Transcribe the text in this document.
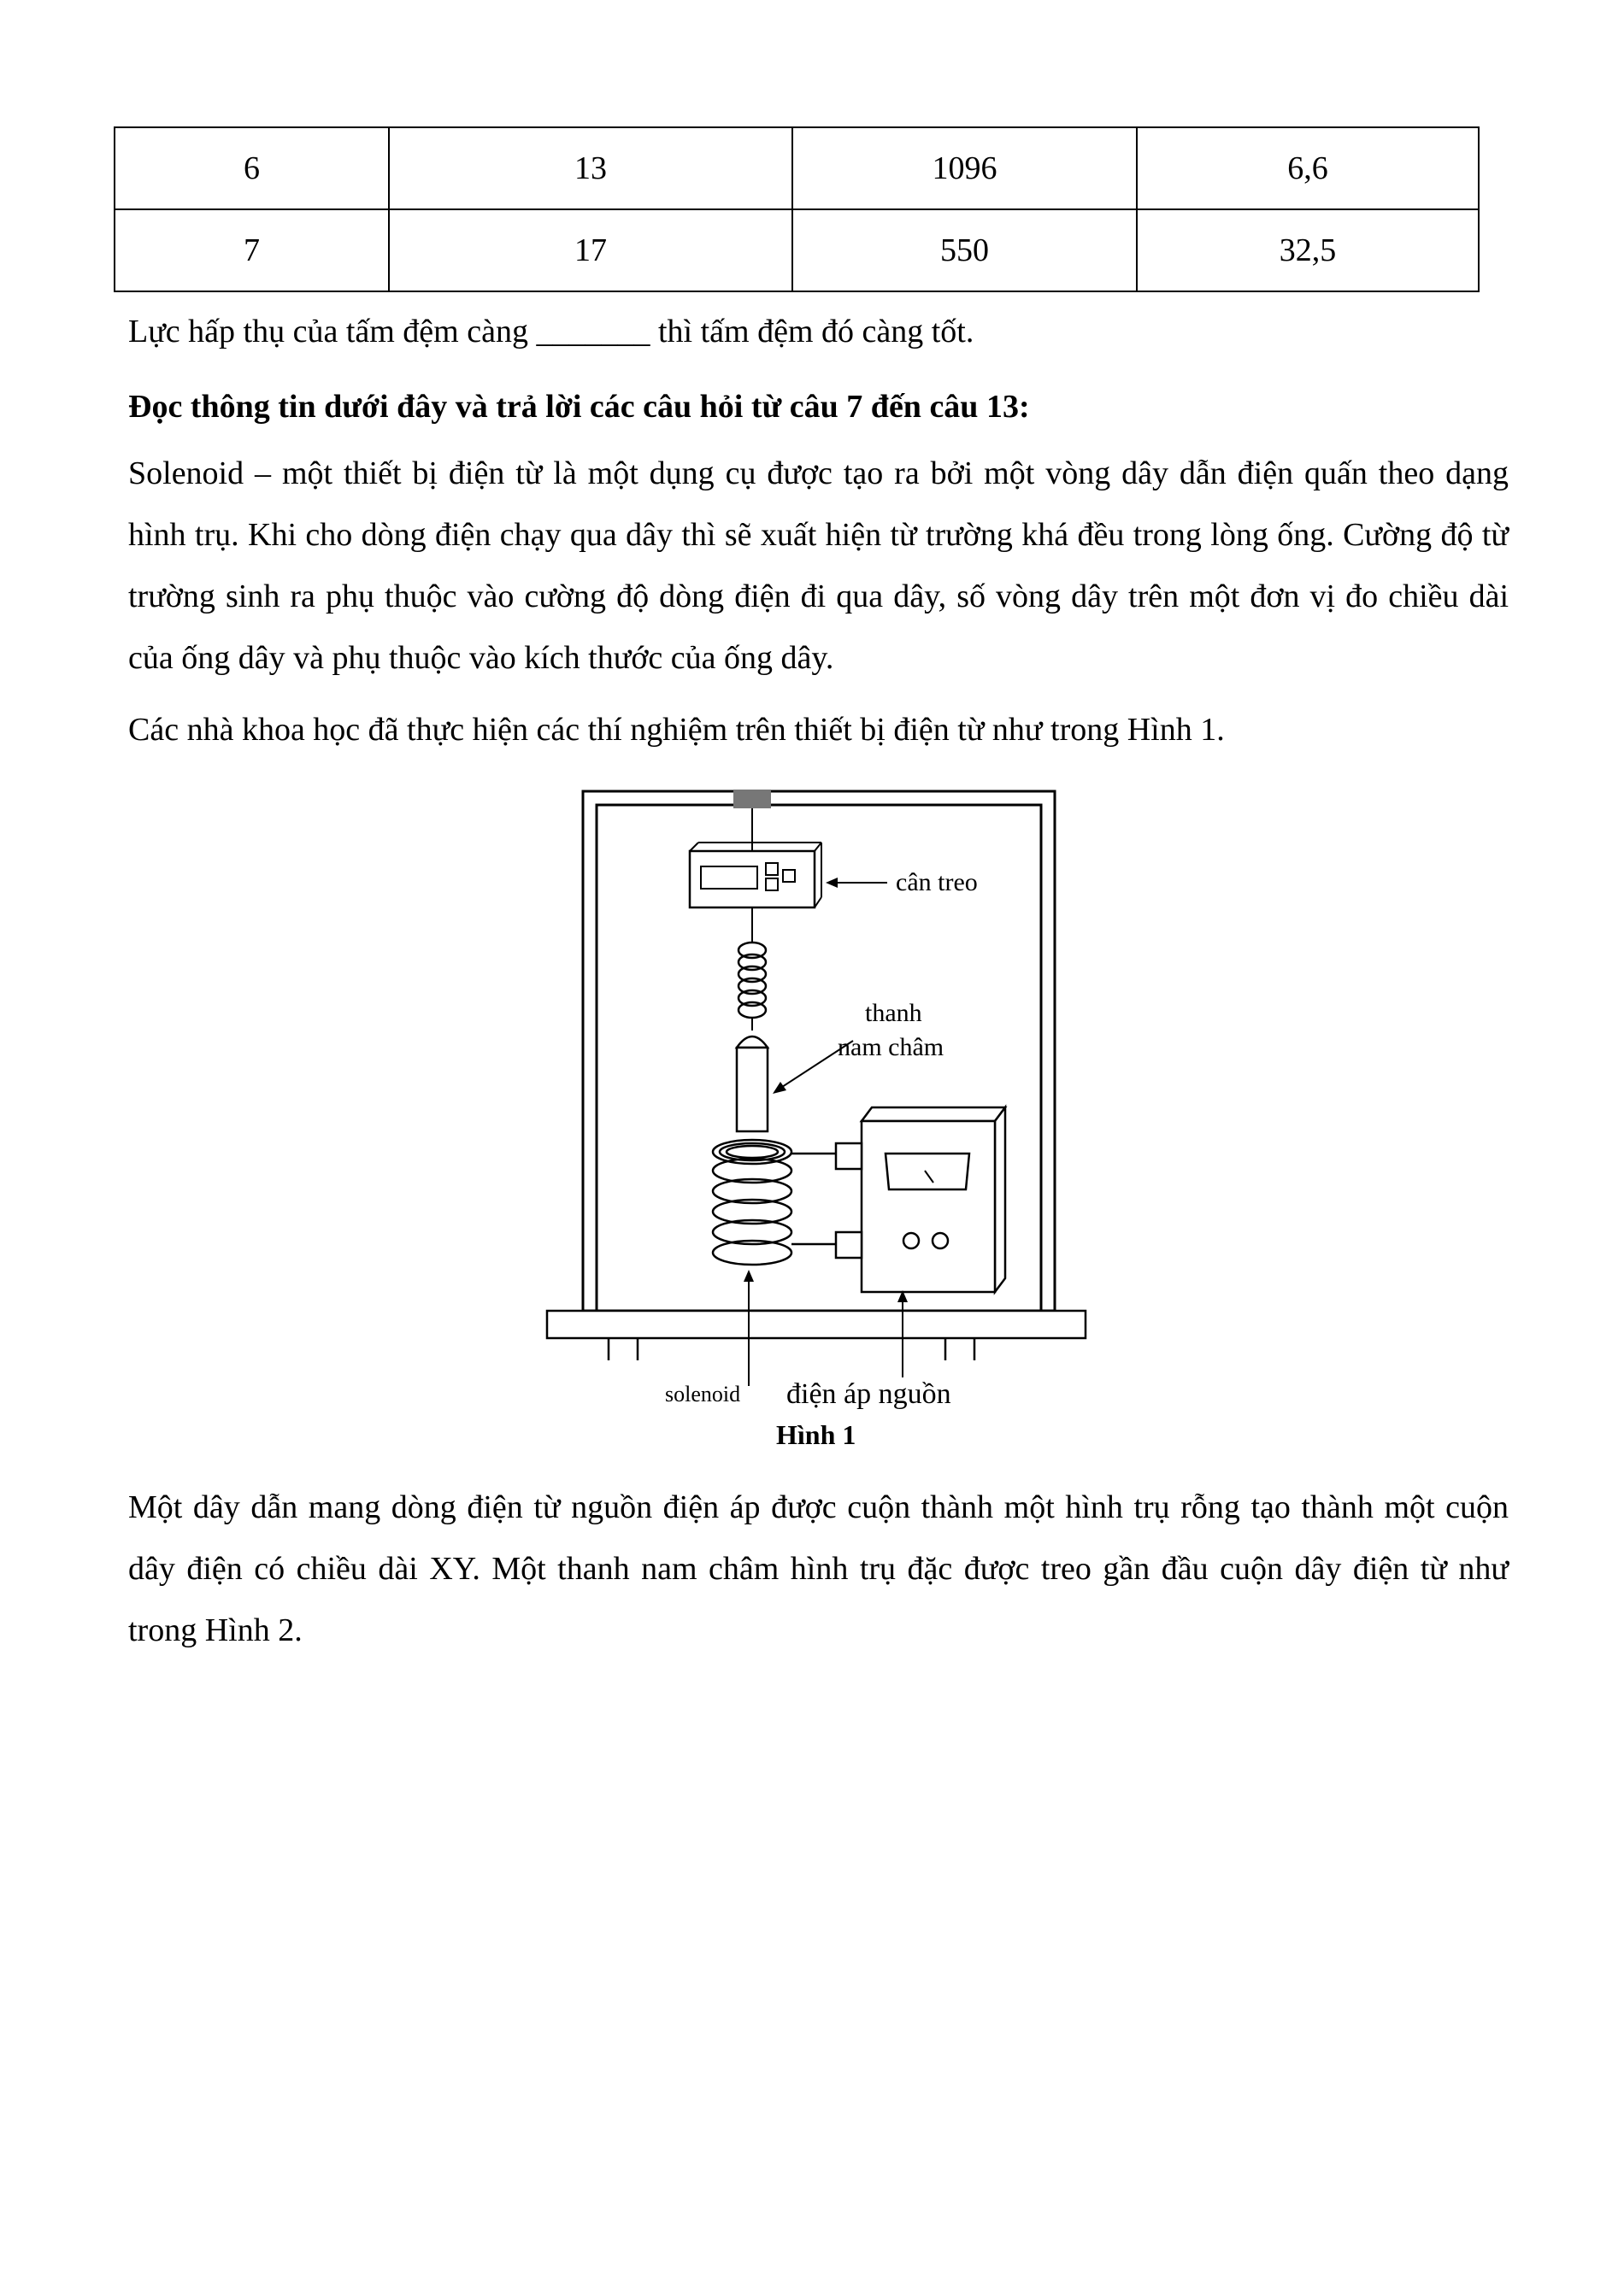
6	13	1096	6,6
7	17	550	32,5
Lực hấp thụ của tấm đệm càng _______ thì tấm đệm đó càng tốt.
Đọc thông tin dưới đây và trả lời các câu hỏi từ câu 7 đến câu 13:
Solenoid – một thiết bị điện từ là một dụng cụ được tạo ra bởi một vòng dây dẫn điện quấn theo dạng hình trụ. Khi cho dòng điện chạy qua dây thì sẽ xuất hiện từ trường khá đều trong lòng ống. Cường độ từ trường sinh ra phụ thuộc vào cường độ dòng điện đi qua dây, số vòng dây trên một đơn vị đo chiều dài của ống dây và phụ thuộc vào kích thước của ống dây.
Các nhà khoa học đã thực hiện các thí nghiệm trên thiết bị điện từ như trong Hình 1.
cân treo
thanh
nam châm
solenoid điện áp nguồn
Hình 1
Một dây dẫn mang dòng điện từ nguồn điện áp được cuộn thành một hình trụ rỗng tạo thành một cuộn dây điện có chiều dài XY. Một thanh nam châm hình trụ đặc được treo gần đầu cuộn dây điện từ như trong Hình 2.
